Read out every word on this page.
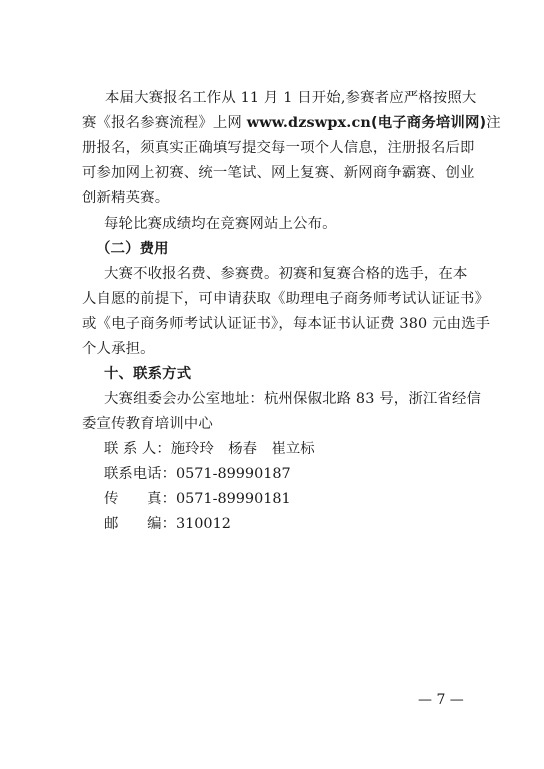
本届大赛报名工作从 11 月 1 日开始,参赛者应严格按照大
赛《报名参赛流程》上网 www.dzswpx.cn(电子商务培训网)注
册报名，须真实正确填写提交每一项个人信息，注册报名后即
可参加网上初赛、统一笔试、网上复赛、新网商争霸赛、创业
创新精英赛。
每轮比赛成绩均在竞赛网站上公布。
（二）费用
大赛不收报名费、参赛费。初赛和复赛合格的选手，在本
人自愿的前提下，可申请获取《助理电子商务师考试认证证书》
或《电子商务师考试认证证书》，每本证书认证费 380 元由选手
个人承担。
十、联系方式
大赛组委会办公室地址：杭州保俶北路 83 号，浙江省经信
委宣传教育培训中心
联 系 人：施玲玲　杨春　崔立标
联系电话：0571-89990187
传　　真：0571-89990181
邮　　编：310012
— 7 —
